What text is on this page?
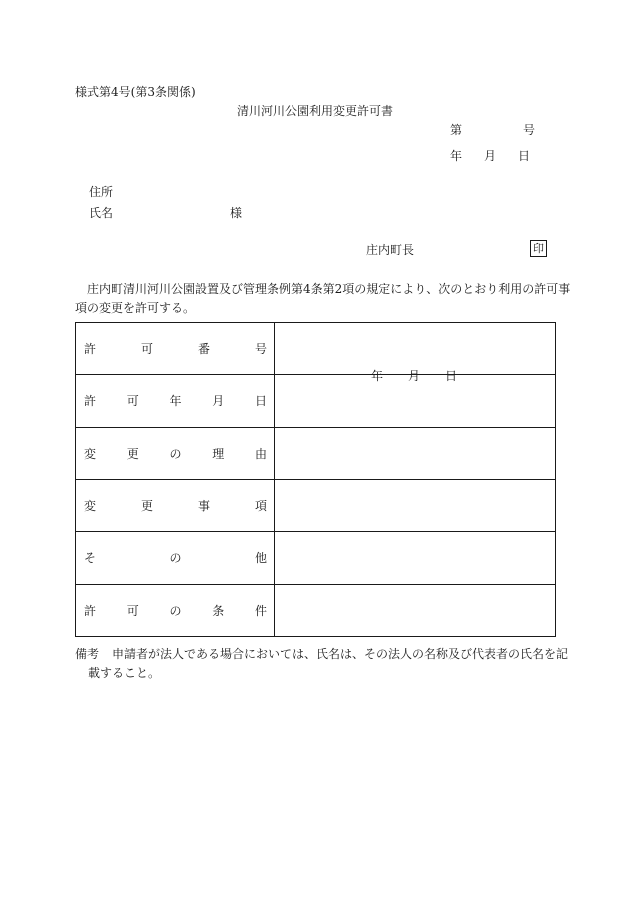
様式第4号(第3条関係)
清川河川公園利用変更許可書
第	号
年 月 日
住所
氏名	様
庄内町長	印
庄内町清川河川公園設置及び管理条例第4条第2項の規定により、次のとおり利用の許可事
項の変更を許可する。
許 可 番 号	

許 可 年 月 日	年 月 日

変 更 の 理 由	

変 更 事 項	

そ の 他	

許 可 の 条 件	

備考 申請者が法人である場合においては、氏名は、その法人の名称及び代表者の氏名を記
載すること。
